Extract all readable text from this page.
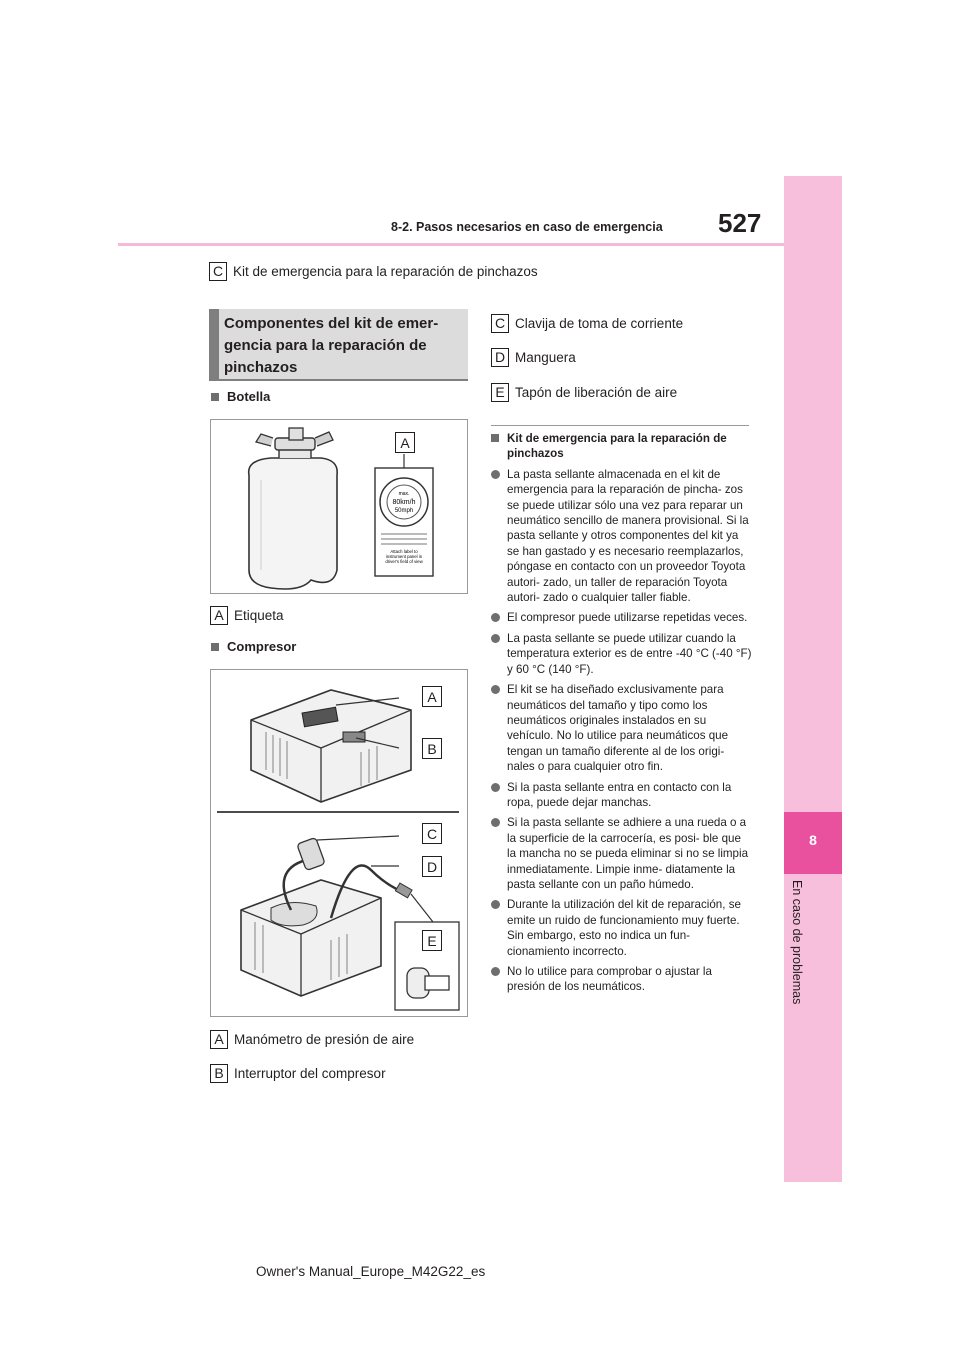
8-2. Pasos necesarios en caso de emergencia 527
8
En caso de problemas
C Kit de emergencia para la reparación de pinchazos
Componentes del kit de emer- gencia para la reparación de pinchazos
Botella
max.
80km/h
50mph
Attach label to
instrument panel in
driver's field of view
A
A Etiqueta
Compresor
A
B
C
D
E
A Manómetro de presión de aire
B Interruptor del compresor
C Clavija de toma de corriente
D Manguera
E Tapón de liberación de aire
Kit de emergencia para la reparación de pinchazos
La pasta sellante almacenada en el kit de emergencia para la reparación de pincha- zos se puede utilizar sólo una vez para reparar un neumático sencillo de manera provisional. Si la pasta sellante y otros componentes del kit ya se han gastado y es necesario reemplazarlos, póngase en contacto con un proveedor Toyota autori- zado, un taller de reparación Toyota autori- zado o cualquier taller fiable.
El compresor puede utilizarse repetidas veces.
La pasta sellante se puede utilizar cuando la temperatura exterior es de entre -40 °C (-40 °F) y 60 °C (140 °F).
El kit se ha diseñado exclusivamente para neumáticos del tamaño y tipo como los neumáticos originales instalados en su vehículo. No lo utilice para neumáticos que tengan un tamaño diferente al de los origi- nales o para cualquier otro fin.
Si la pasta sellante entra en contacto con la ropa, puede dejar manchas.
Si la pasta sellante se adhiere a una rueda o a la superficie de la carrocería, es posi- ble que la mancha no se pueda eliminar si no se limpia inmediatamente. Limpie inme- diatamente la pasta sellante con un paño húmedo.
Durante la utilización del kit de reparación, se emite un ruido de funcionamiento muy fuerte. Sin embargo, esto no indica un fun- cionamiento incorrecto.
No lo utilice para comprobar o ajustar la presión de los neumáticos.
Owner's Manual_Europe_M42G22_es
